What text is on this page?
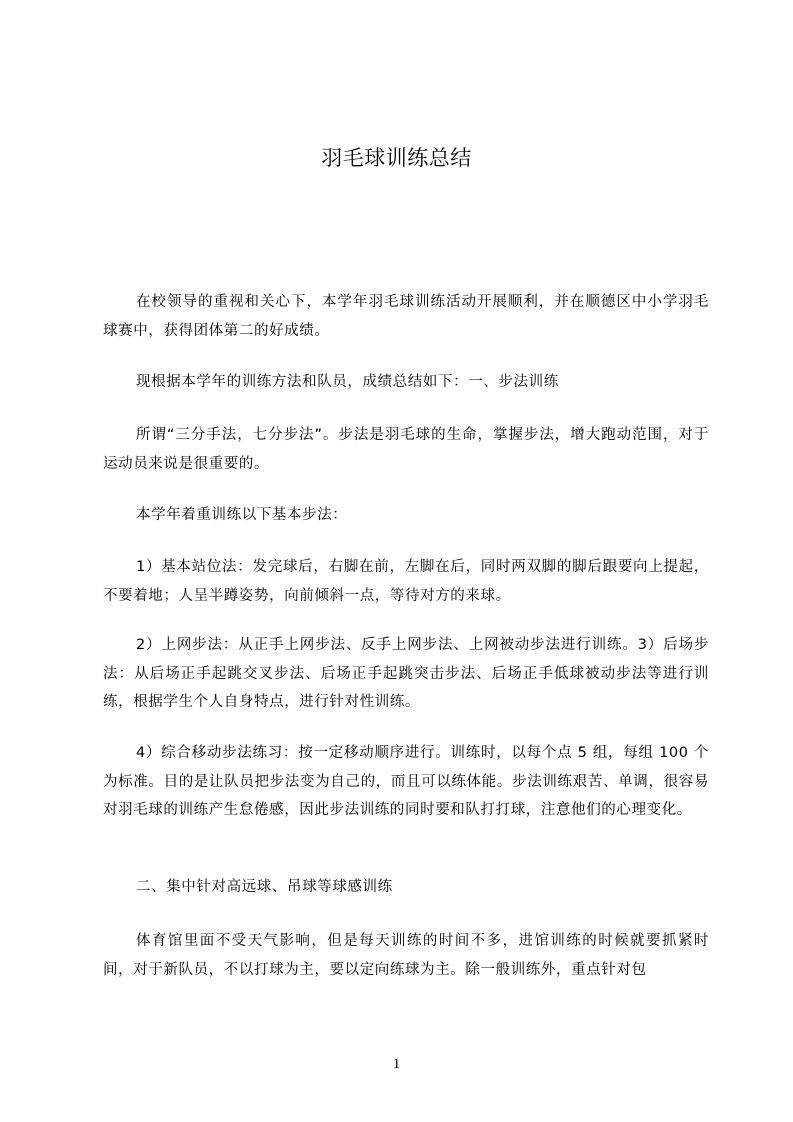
羽毛球训练总结

在校领导的重视和关心下，本学年羽毛球训练活动开展顺利，并在顺德区中小学羽毛球赛中，获得团体第二的好成绩。

现根据本学年的训练方法和队员，成绩总结如下：一、步法训练

所谓“三分手法，七分步法”。步法是羽毛球的生命，掌握步法，增大跑动范围，对于运动员来说是很重要的。

本学年着重训练以下基本步法：

1）基本站位法：发完球后，右脚在前，左脚在后，同时两双脚的脚后跟要向上提起，不要着地；人呈半蹲姿势，向前倾斜一点，等待对方的来球。

2）上网步法：从正手上网步法、反手上网步法、上网被动步法进行训练。3）后场步法：从后场正手起跳交叉步法、后场正手起跳突击步法、后场正手低球被动步法等进行训练，根据学生个人自身特点，进行针对性训练。

4）综合移动步法练习：按一定移动顺序进行。训练时，以每个点 5 组，每组 100 个为标准。目的是让队员把步法变为自己的，而且可以练体能。步法训练艰苦、单调，很容易对羽毛球的训练产生怠倦感，因此步法训练的同时要和队打打球，注意他们的心理变化。

二、集中针对高远球、吊球等球感训练

体育馆里面不受天气影响，但是每天训练的时间不多，进馆训练的时候就要抓紧时间，对于新队员，不以打球为主，要以定向练球为主。除一般训练外，重点针对包

1
